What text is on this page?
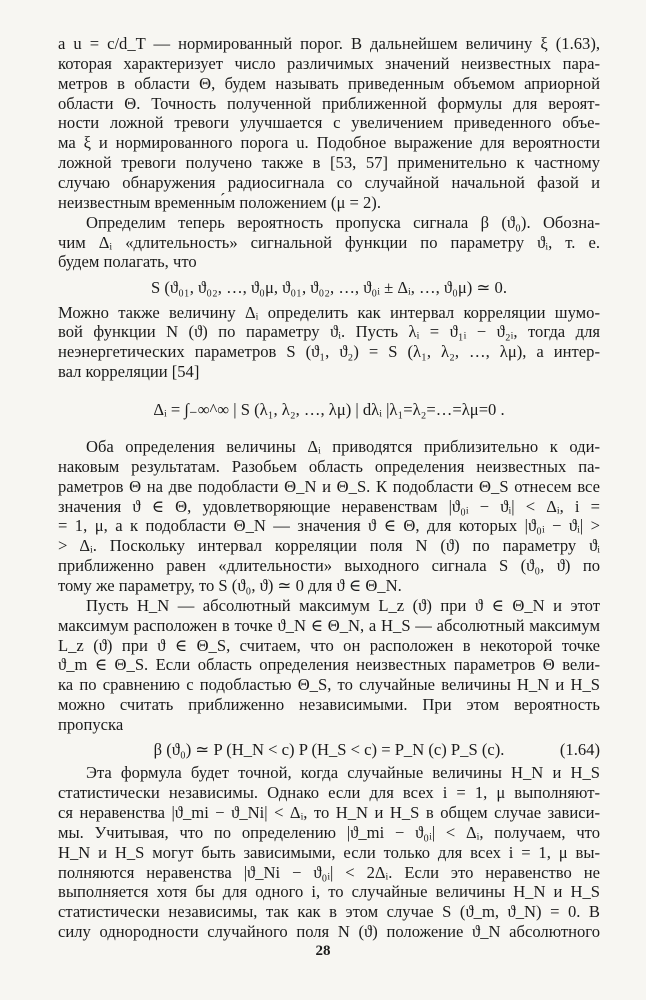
28
а u = c/d_T — нормированный порог. В дальнейшем величину ξ (1.63),
которая характеризует число различимых значений неизвестных пара-
метров в области Θ, будем называть приведенным объемом априорной
области Θ. Точность полученной приближенной формулы для вероят-
ности ложной тревоги улучшается с увеличением приведенного объе-
ма ξ и нормированного порога u. Подобное выражение для вероятности
ложной тревоги получено также в [53, 57] применительно к частному
случаю обнаружения радиосигнала со случайной начальной фазой и
неизвестным временны́м положением (μ = 2).
Определим теперь вероятность пропуска сигнала β (ϑ₀). Обозна-
чим Δᵢ «длительность» сигнальной функции по параметру ϑᵢ, т. е.
будем полагать, что
S (ϑ₀₁, ϑ₀₂, …, ϑ₀μ, ϑ₀₁, ϑ₀₂, …, ϑ₀ᵢ ± Δᵢ, …, ϑ₀μ) ≃ 0.
Можно также величину Δᵢ определить как интервал корреляции шумо-
вой функции N (ϑ) по параметру ϑᵢ. Пусть λᵢ = ϑ₁ᵢ − ϑ₂ᵢ, тогда для
неэнергетических параметров S (ϑ₁, ϑ₂) = S (λ₁, λ₂, …, λμ), а интер-
вал корреляции [54]
Δᵢ = ∫₋∞^∞ | S (λ₁, λ₂, …, λμ) | dλᵢ |λ₁=λ₂=…=λμ=0 .
Оба определения величины Δᵢ приводятся приблизительно к оди-
наковым результатам. Разобьем область определения неизвестных па-
раметров Θ на две подобласти Θ_N и Θ_S. К подобласти Θ_S отнесем все
значения ϑ ∈ Θ, удовлетворяющие неравенствам |ϑ₀ᵢ − ϑᵢ| < Δᵢ, i =
= 1, μ, а к подобласти Θ_N — значения ϑ ∈ Θ, для которых |ϑ₀ᵢ − ϑᵢ| >
> Δᵢ. Поскольку интервал корреляции поля N (ϑ) по параметру ϑᵢ
приближенно равен «длительности» выходного сигнала S (ϑ₀, ϑ) по
тому же параметру, то S (ϑ₀, ϑ) ≃ 0 для ϑ ∈ Θ_N.
Пусть H_N — абсолютный максимум L_z (ϑ) при ϑ ∈ Θ_N и этот
максимум расположен в точке ϑ_N ∈ Θ_N, а H_S — абсолютный максимум
L_z (ϑ) при ϑ ∈ Θ_S, считаем, что он расположен в некоторой точке
ϑ_m ∈ Θ_S. Если область определения неизвестных параметров Θ вели-
ка по сравнению с подобластью Θ_S, то случайные величины H_N и H_S
можно считать приближенно независимыми. При этом вероятность
пропуска
β (ϑ₀) ≃ P (H_N < c) P (H_S < c) = P_N (c) P_S (c).	(1.64)
Эта формула будет точной, когда случайные величины H_N и H_S
статистически независимы. Однако если для всех i = 1, μ выполняют-
ся неравенства |ϑ_mi − ϑ_Ni| < Δᵢ, то H_N и H_S в общем случае зависи-
мы. Учитывая, что по определению |ϑ_mi − ϑ₀ᵢ| < Δᵢ, получаем, что
H_N и H_S могут быть зависимыми, если только для всех i = 1, μ вы-
полняются неравенства |ϑ_Ni − ϑ₀ᵢ| < 2Δᵢ. Если это неравенство не
выполняется хотя бы для одного i, то случайные величины H_N и H_S
статистически независимы, так как в этом случае S (ϑ_m, ϑ_N) = 0. В
силу однородности случайного поля N (ϑ) положение ϑ_N абсолютного
